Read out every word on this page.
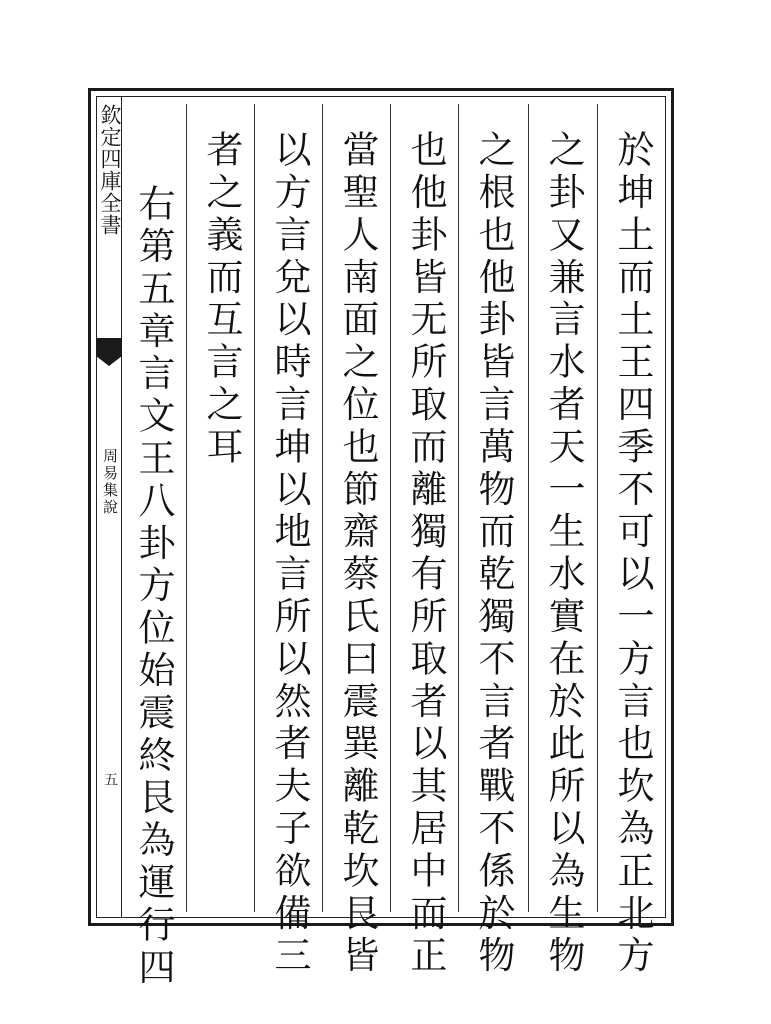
欽定四庫全書
周易集說
五	於坤土而土王四季不可以一方言也坎為正北方
之卦又兼言水者天一生水實在於此所以為生物
之根也他卦皆言萬物而乾獨不言者戰不係於物
也他卦皆无所取而離獨有所取者以其居中而正
當聖人南面之位也節齋蔡氏曰震巽離乾坎艮皆
以方言兌以時言坤以地言所以然者夫子欲備三
者之義而互言之耳
右第五章言文王八卦方位始震終艮為運行四
